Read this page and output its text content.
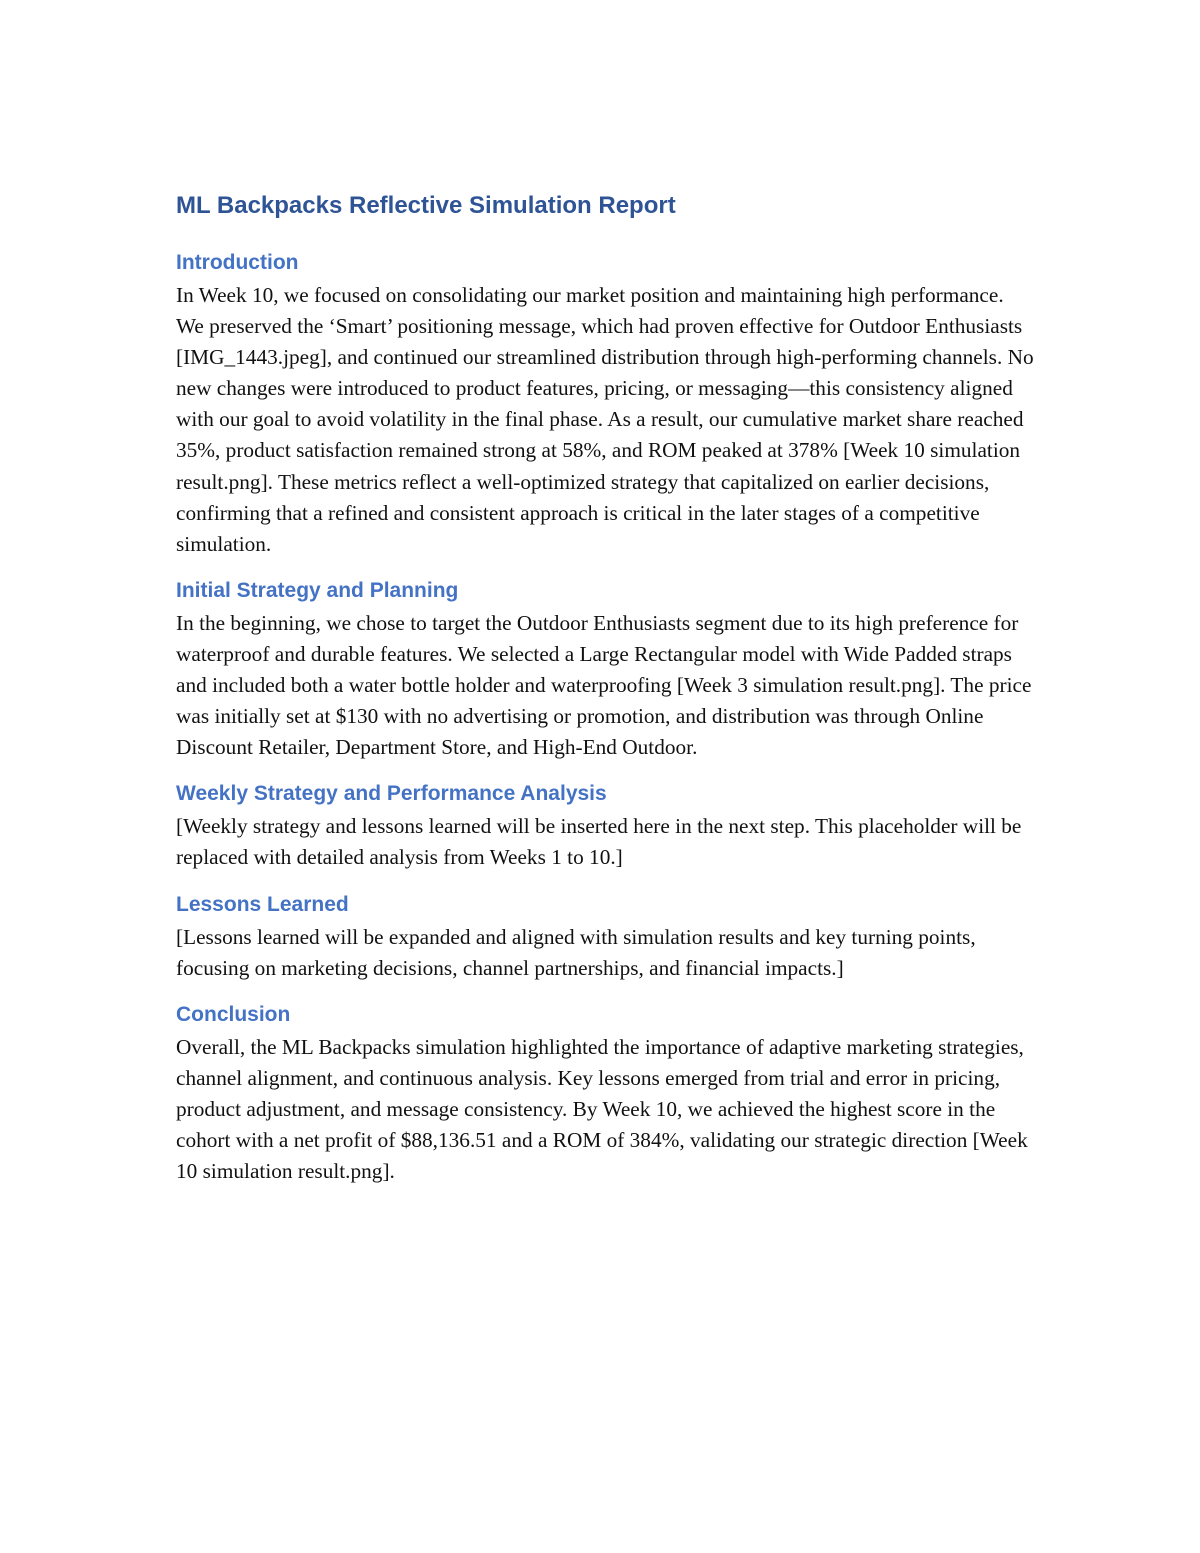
ML Backpacks Reflective Simulation Report
Introduction

In Week 10, we focused on consolidating our market position and maintaining high performance. We preserved the ‘Smart’ positioning message, which had proven effective for Outdoor Enthusiasts [IMG_1443.jpeg], and continued our streamlined distribution through high-performing channels. No new changes were introduced to product features, pricing, or messaging—this consistency aligned with our goal to avoid volatility in the final phase. As a result, our cumulative market share reached 35%, product satisfaction remained strong at 58%, and ROM peaked at 378% [Week 10 simulation result.png]. These metrics reflect a well-optimized strategy that capitalized on earlier decisions, confirming that a refined and consistent approach is critical in the later stages of a competitive simulation.

Initial Strategy and Planning

In the beginning, we chose to target the Outdoor Enthusiasts segment due to its high preference for waterproof and durable features. We selected a Large Rectangular model with Wide Padded straps and included both a water bottle holder and waterproofing [Week 3 simulation result.png]. The price was initially set at $130 with no advertising or promotion, and distribution was through Online Discount Retailer, Department Store, and High-End Outdoor.

Weekly Strategy and Performance Analysis

[Weekly strategy and lessons learned will be inserted here in the next step. This placeholder will be replaced with detailed analysis from Weeks 1 to 10.]

Lessons Learned

[Lessons learned will be expanded and aligned with simulation results and key turning points, focusing on marketing decisions, channel partnerships, and financial impacts.]

Conclusion

Overall, the ML Backpacks simulation highlighted the importance of adaptive marketing strategies, channel alignment, and continuous analysis. Key lessons emerged from trial and error in pricing, product adjustment, and message consistency. By Week 10, we achieved the highest score in the cohort with a net profit of $88,136.51 and a ROM of 384%, validating our strategic direction [Week 10 simulation result.png].
